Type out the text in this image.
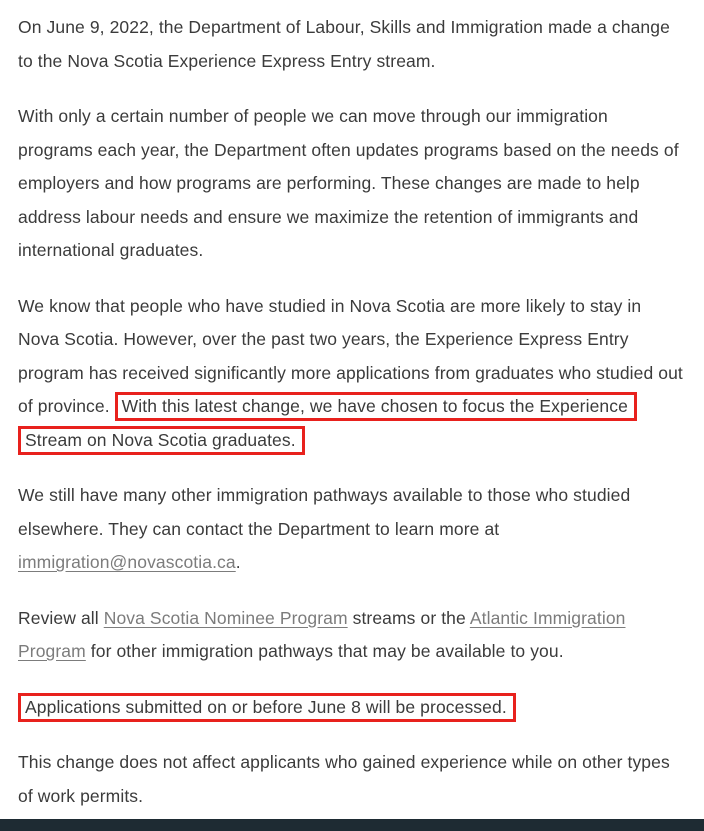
On June 9, 2022, the Department of Labour, Skills and Immigration made a change to the Nova Scotia Experience Express Entry stream.

With only a certain number of people we can move through our immigration programs each year, the Department often updates programs based on the needs of employers and how programs are performing. These changes are made to help address labour needs and ensure we maximize the retention of immigrants and international graduates.

We know that people who have studied in Nova Scotia are more likely to stay in Nova Scotia. However, over the past two years, the Experience Express Entry program has received significantly more applications from graduates who studied out of province. With this latest change, we have chosen to focus the Experience Stream on Nova Scotia graduates.

We still have many other immigration pathways available to those who studied elsewhere. They can contact the Department to learn more at immigration@novascotia.ca.

Review all Nova Scotia Nominee Program streams or the Atlantic Immigration Program for other immigration pathways that may be available to you.

Applications submitted on or before June 8 will be processed.

This change does not affect applicants who gained experience while on other types of work permits.
